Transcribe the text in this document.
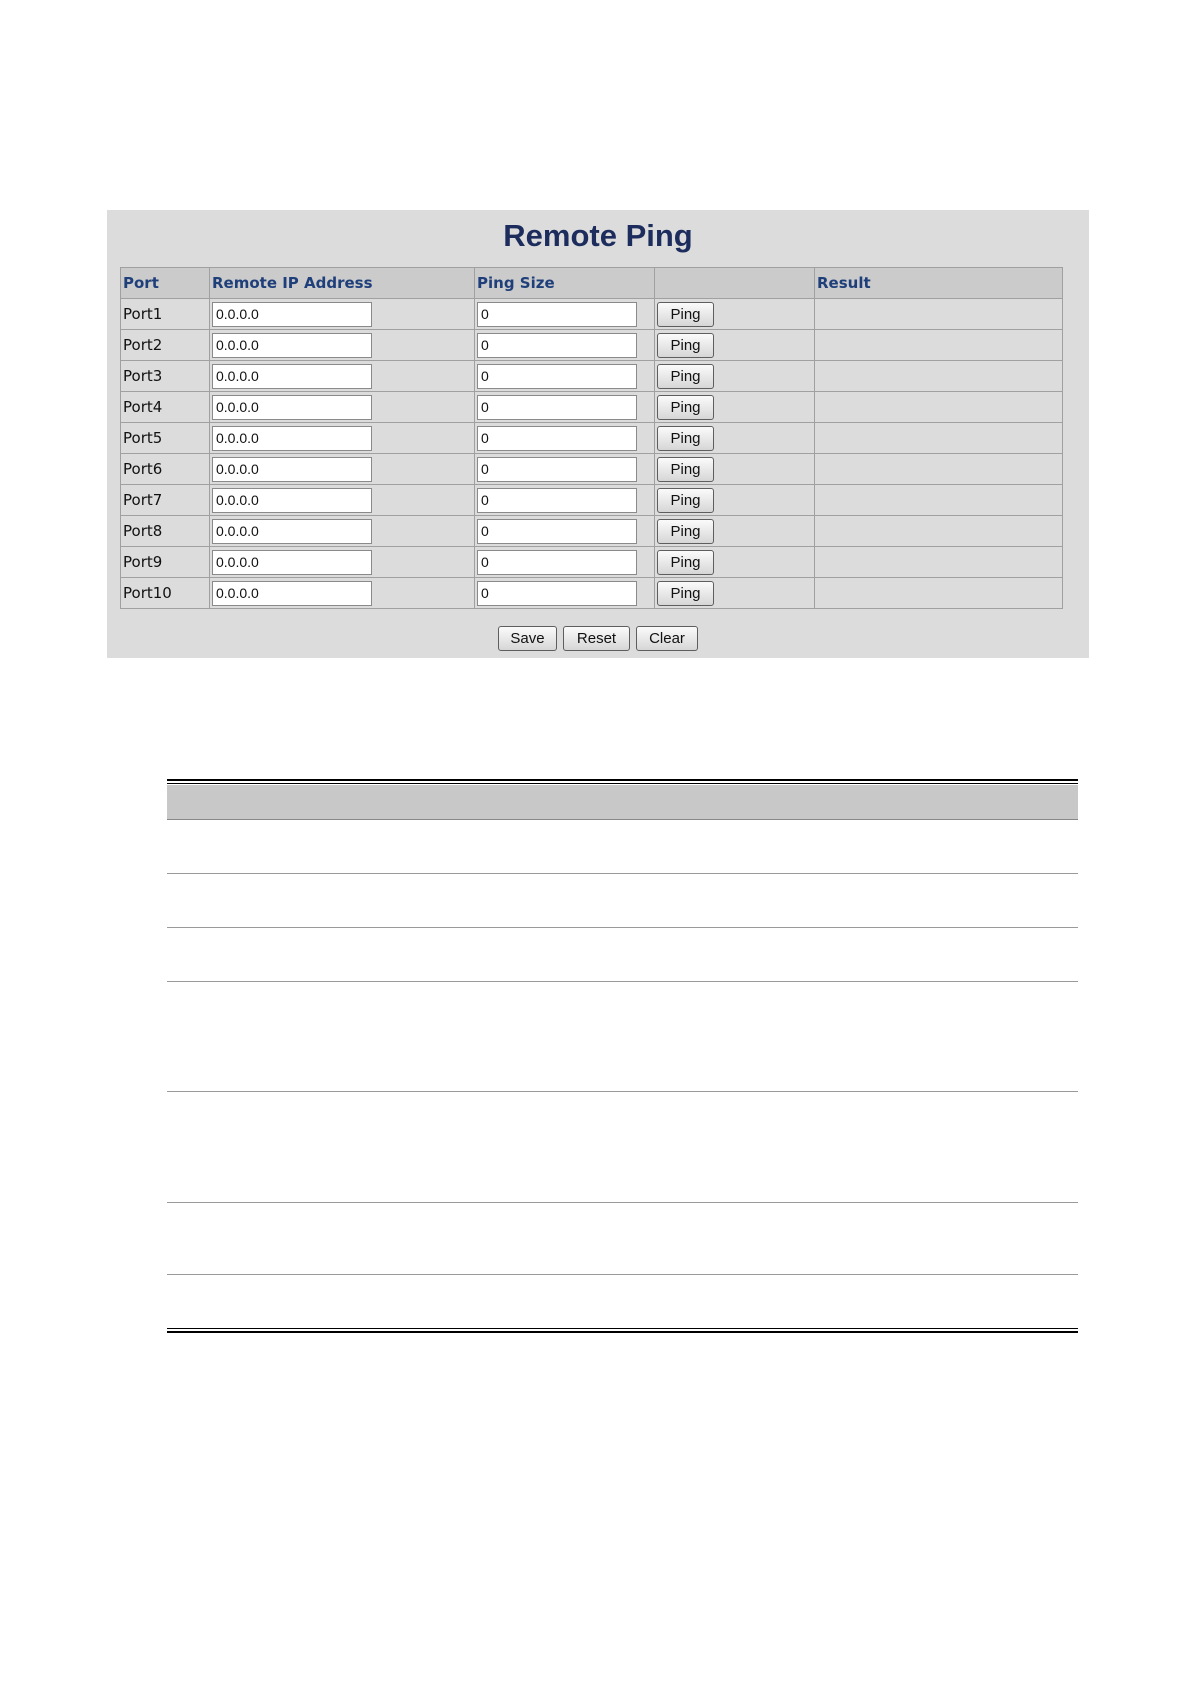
Remote Ping
Port	Remote IP Address	Ping Size		Result
Port1	0.0.0.0	0	Ping	
Port2	0.0.0.0	0	Ping	
Port3	0.0.0.0	0	Ping	
Port4	0.0.0.0	0	Ping	
Port5	0.0.0.0	0	Ping	
Port6	0.0.0.0	0	Ping	
Port7	0.0.0.0	0	Ping	
Port8	0.0.0.0	0	Ping	
Port9	0.0.0.0	0	Ping	
Port10	0.0.0.0	0	Ping	
Save Reset Clear
